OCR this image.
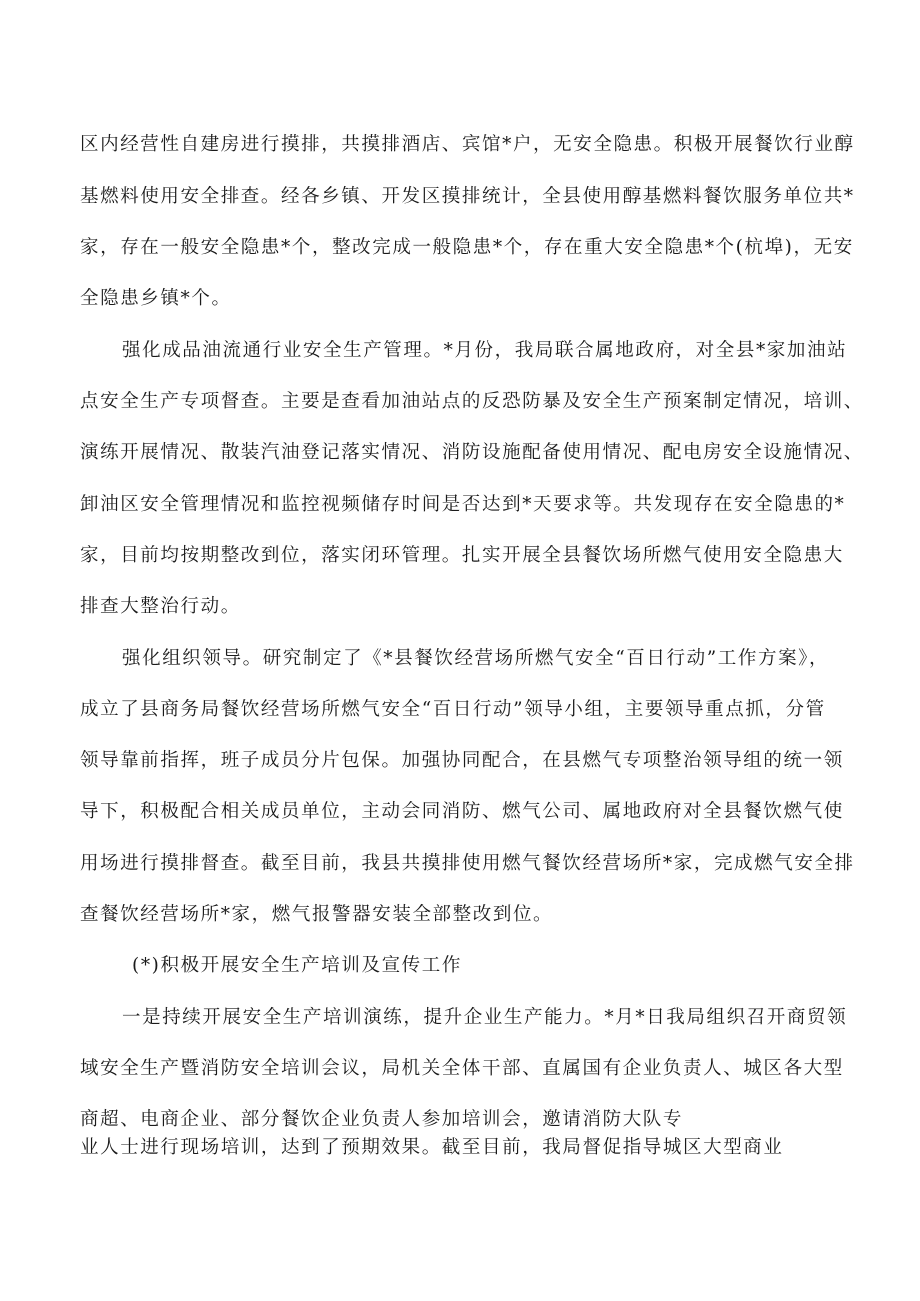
区内经营性自建房进行摸排，共摸排酒店、宾馆*户，无安全隐患。积极开展餐饮行业醇
基燃料使用安全排查。经各乡镇、开发区摸排统计，全县使用醇基燃料餐饮服务单位共*
家，存在一般安全隐患*个，整改完成一般隐患*个，存在重大安全隐患*个(杭埠)，无安
全隐患乡镇*个。
强化成品油流通行业安全生产管理。*月份，我局联合属地政府，对全县*家加油站
点安全生产专项督查。主要是查看加油站点的反恐防暴及安全生产预案制定情况，培训、
演练开展情况、散装汽油登记落实情况、消防设施配备使用情况、配电房安全设施情况、
卸油区安全管理情况和监控视频储存时间是否达到*天要求等。共发现存在安全隐患的*
家，目前均按期整改到位，落实闭环管理。扎实开展全县餐饮场所燃气使用安全隐患大
排查大整治行动。
强化组织领导。研究制定了《*县餐饮经营场所燃气安全“百日行动”工作方案》，
成立了县商务局餐饮经营场所燃气安全“百日行动”领导小组，主要领导重点抓，分管
领导靠前指挥，班子成员分片包保。加强协同配合，在县燃气专项整治领导组的统一领
导下，积极配合相关成员单位，主动会同消防、燃气公司、属地政府对全县餐饮燃气使
用场进行摸排督查。截至目前，我县共摸排使用燃气餐饮经营场所*家，完成燃气安全排
查餐饮经营场所*家，燃气报警器安装全部整改到位。
(*)积极开展安全生产培训及宣传工作
一是持续开展安全生产培训演练，提升企业生产能力。*月*日我局组织召开商贸领
域安全生产暨消防安全培训会议，局机关全体干部、直属国有企业负责人、城区各大型
商超、电商企业、部分餐饮企业负责人参加培训会，邀请消防大队专
业人士进行现场培训，达到了预期效果。截至目前，我局督促指导城区大型商业
